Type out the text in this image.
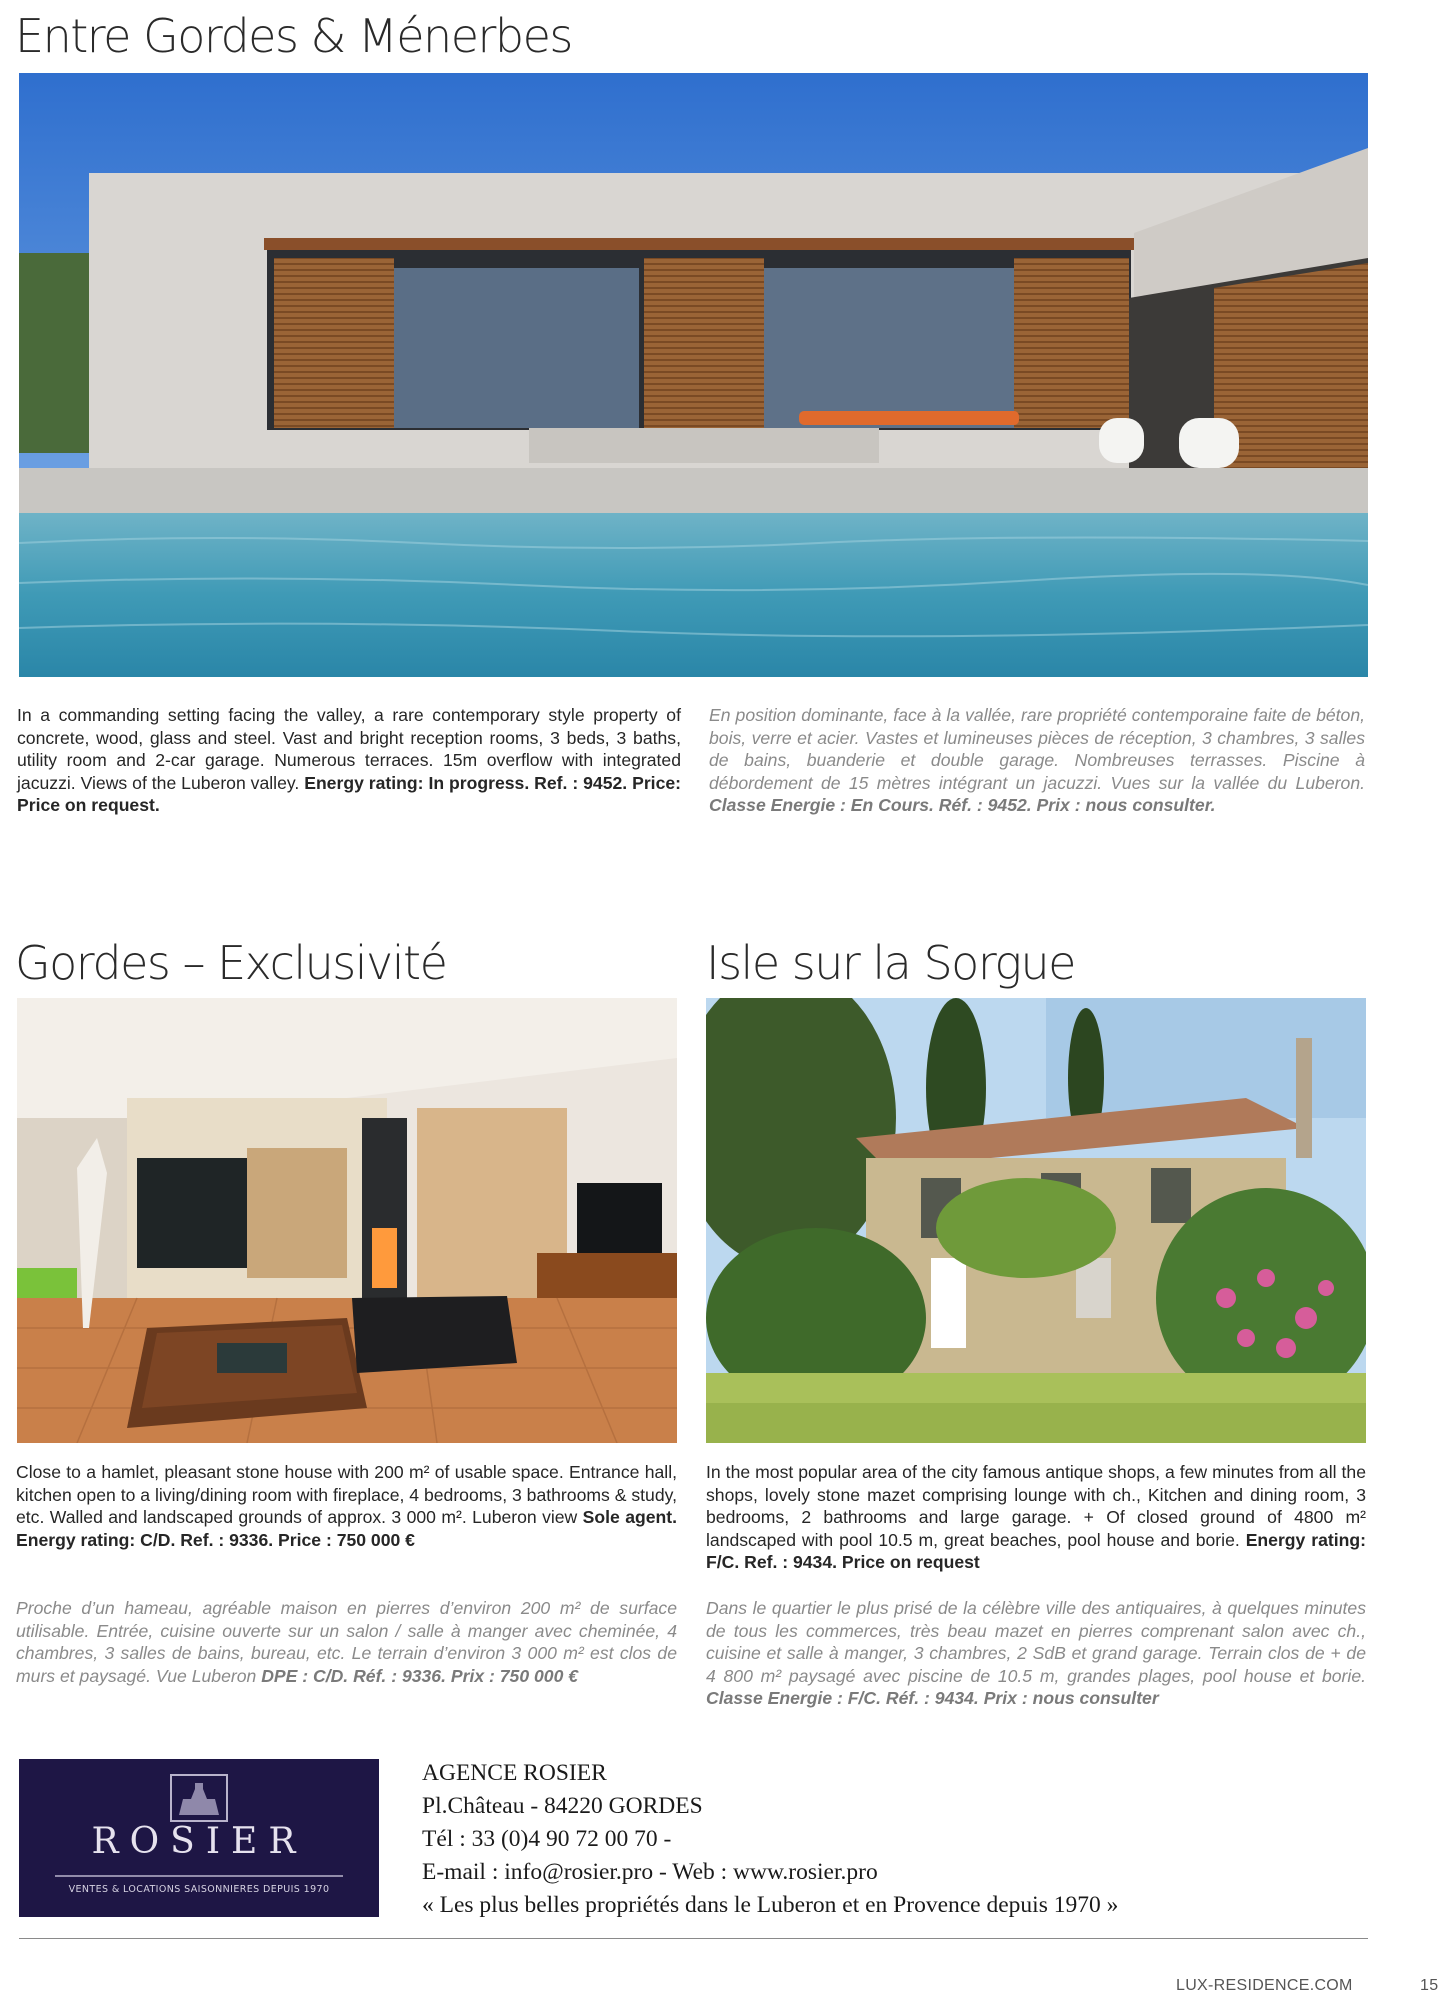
Entre Gordes & Ménerbes
In a commanding setting facing the valley, a rare contemporary style property of concrete, wood, glass and steel. Vast and bright reception rooms, 3 beds, 3 baths, utility room and 2-car garage. Numerous terraces. 15m overflow with integrated jacuzzi. Views of the Luberon valley. Energy rating: In progress. Ref. : 9452. Price: Price on request.
En position dominante, face à la vallée, rare propriété contemporaine faite de béton, bois, verre et acier. Vastes et lumineuses pièces de réception, 3 chambres, 3 salles de bains, buanderie et double garage. Nombreuses terrasses. Piscine à débordement de 15 mètres intégrant un jacuzzi. Vues sur la vallée du Luberon. Classe Energie : En Cours. Réf. : 9452. Prix : nous consulter.
Gordes – Exclusivité
Close to a hamlet, pleasant stone house with 200 m² of usable space. Entrance hall, kitchen open to a living/dining room with fireplace, 4 bedrooms, 3 bathrooms & study, etc. Walled and landscaped grounds of approx. 3 000 m². Luberon view Sole agent. Energy rating: C/D. Ref. : 9336. Price : 750 000 €
Proche d’un hameau, agréable maison en pierres d’environ 200 m² de surface utilisable. Entrée, cuisine ouverte sur un salon / salle à manger avec cheminée, 4 chambres, 3 salles de bains, bureau, etc. Le terrain d’environ 3 000 m² est clos de murs et paysagé. Vue Luberon DPE : C/D. Réf. : 9336. Prix : 750 000 €
Isle sur la Sorgue
In the most popular area of the city famous antique shops, a few minutes from all the shops, lovely stone mazet comprising lounge with ch., Kitchen and dining room, 3 bedrooms, 2 bathrooms and large garage. + Of closed ground of 4800 m² landscaped with pool 10.5 m, great beaches, pool house and borie. Energy rating: F/C. Ref. : 9434. Price on request
Dans le quartier le plus prisé de la célèbre ville des antiquaires, à quelques minutes de tous les commerces, très beau mazet en pierres comprenant salon avec ch., cuisine et salle à manger, 3 chambres, 2 SdB et grand garage. Terrain clos de + de 4 800 m² paysagé avec piscine de 10.5 m, grandes plages, pool house et borie. Classe Energie : F/C. Réf. : 9434. Prix : nous consulter
ROSIER
VENTES & LOCATIONS SAISONNIERES DEPUIS 1970
AGENCE ROSIER
Pl.Château - 84220 GORDES
Tél : 33 (0)4 90 72 00 70 -
E-mail : info@rosier.pro - Web : www.rosier.pro
« Les plus belles propriétés dans le Luberon et en Provence depuis 1970 »
LUX-RESIDENCE.COM	15
